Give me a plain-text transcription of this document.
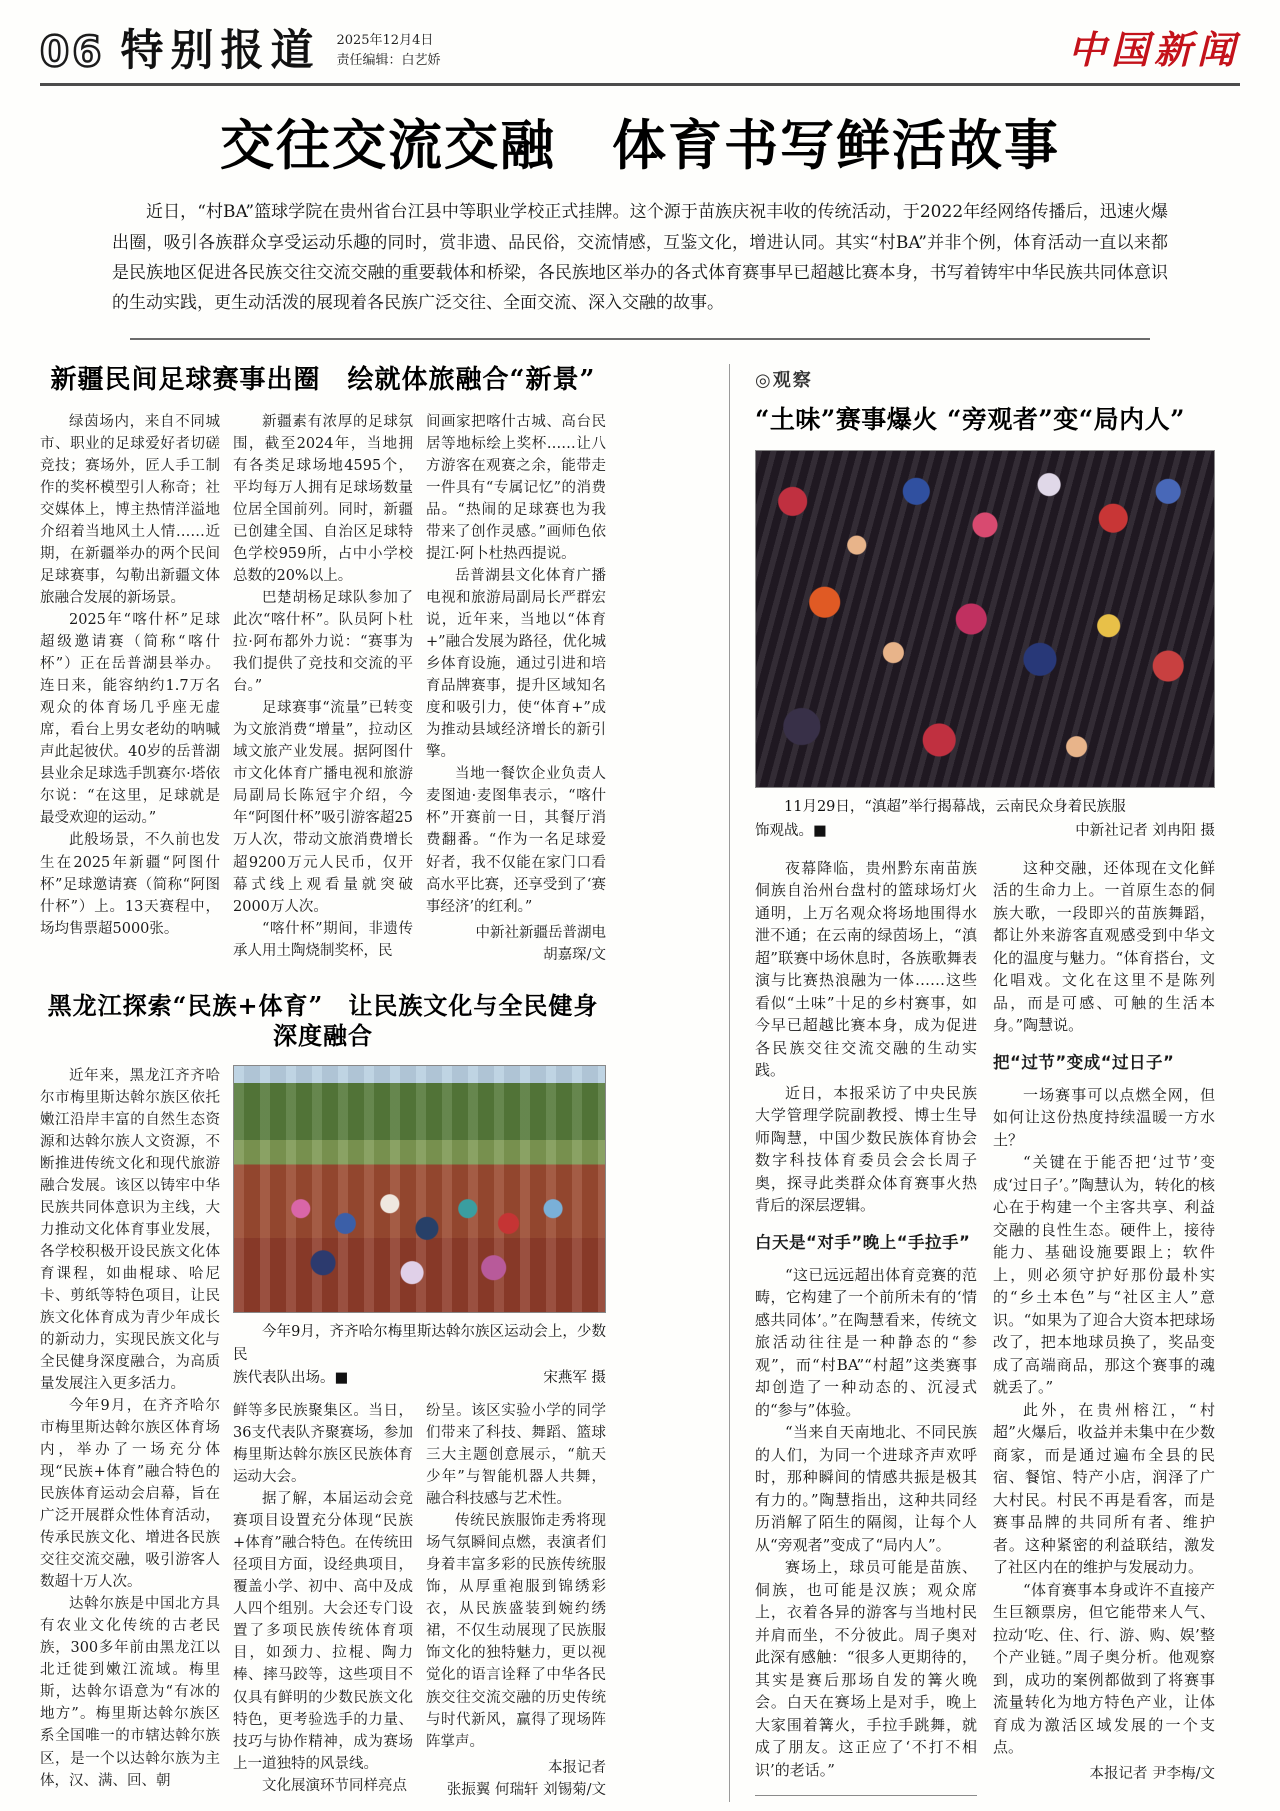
06 特别报道 2025年12月4日
责任编辑：白艺娇	中国新闻
交往交流交融　体育书写鲜活故事
近日，“村BA”篮球学院在贵州省台江县中等职业学校正式挂牌。这个源于苗族庆祝丰收的传统活动，于2022年经网络传播后，迅速火爆出圈，吸引各族群众享受运动乐趣的同时，赏非遗、品民俗，交流情感，互鉴文化，增进认同。其实“村BA”并非个例，体育活动一直以来都是民族地区促进各民族交往交流交融的重要载体和桥梁，各民族地区举办的各式体育赛事早已超越比赛本身，书写着铸牢中华民族共同体意识的生动实践，更生动活泼的展现着各民族广泛交往、全面交流、深入交融的故事。
新疆民间足球赛事出圈　绘就体旅融合“新景”

绿茵场内，来自不同城市、职业的足球爱好者切磋竞技；赛场外，匠人手工制作的奖杯模型引人称奇；社交媒体上，博主热情洋溢地介绍着当地风土人情……近期，在新疆举办的两个民间足球赛事，勾勒出新疆文体旅融合发展的新场景。

2025年“喀什杯”足球超级邀请赛（简称“喀什杯”）正在岳普湖县举办。连日来，能容纳约1.7万名观众的体育场几乎座无虚席，看台上男女老幼的呐喊声此起彼伏。40岁的岳普湖县业余足球选手凯赛尔·塔依尔说：“在这里，足球就是最受欢迎的运动。”

此般场景，不久前也发生在2025年新疆“阿图什杯”足球邀请赛（简称“阿图什杯”）上。13天赛程中，场均售票超5000张。

新疆素有浓厚的足球氛围，截至2024年，当地拥有各类足球场地4595个，平均每万人拥有足球场数量位居全国前列。同时，新疆已创建全国、自治区足球特色学校959所，占中小学校总数的20%以上。

巴楚胡杨足球队参加了此次“喀什杯”。队员阿卜杜拉·阿布都外力说：“赛事为我们提供了竞技和交流的平台。”

足球赛事“流量”已转变为文旅消费“增量”，拉动区域文旅产业发展。据阿图什市文化体育广播电视和旅游局副局长陈冠宇介绍，今年“阿图什杯”吸引游客超25万人次，带动文旅消费增长超9200万元人民币，仅开幕式线上观看量就突破2000万人次。

“喀什杯”期间，非遗传承人用土陶烧制奖杯，民

间画家把喀什古城、高台民居等地标绘上奖杯……让八方游客在观赛之余，能带走一件具有“专属记忆”的消费品。“热闹的足球赛也为我带来了创作灵感。”画师色依提江·阿卜杜热西提说。

岳普湖县文化体育广播电视和旅游局副局长严群宏说，近年来，当地以“体育+”融合发展为路径，优化城乡体育设施，通过引进和培育品牌赛事，提升区域知名度和吸引力，使“体育+”成为推动县域经济增长的新引擎。

当地一餐饮企业负责人麦图迪·麦图隼表示，“喀什杯”开赛前一日，其餐厅消费翻番。“作为一名足球爱好者，我不仅能在家门口看高水平比赛，还享受到了‘赛事经济’的红利。”

中新社新疆岳普湖电

胡嘉琛/文

黑龙江探索“民族+体育”　让民族文化与全民健身深度融合

近年来，黑龙江齐齐哈尔市梅里斯达斡尔族区依托嫩江沿岸丰富的自然生态资源和达斡尔族人文资源，不断推进传统文化和现代旅游融合发展。该区以铸牢中华民族共同体意识为主线，大力推动文化体育事业发展，各学校积极开设民族文化体育课程，如曲棍球、哈尼卡、剪纸等特色项目，让民族文化体育成为青少年成长的新动力，实现民族文化与全民健身深度融合，为高质量发展注入更多活力。

今年9月，在齐齐哈尔市梅里斯达斡尔族区体育场内，举办了一场充分体现“民族+体育”融合特色的民族体育运动会启幕，旨在广泛开展群众性体育活动，传承民族文化、增进各民族交往交流交融，吸引游客人数超十万人次。

达斡尔族是中国北方具有农业文化传统的古老民族，300多年前由黑龙江以北迁徙到嫩江流域。梅里斯，达斡尔语意为“有冰的地方”。梅里斯达斡尔族区系全国唯一的市辖达斡尔族区，是一个以达斡尔族为主体，汉、满、回、朝

今年9月，齐齐哈尔梅里斯达斡尔族区运动会上，少数民
族代表队出场。■	宋燕军 摄

鲜等多民族聚集区。当日，36支代表队齐聚赛场，参加梅里斯达斡尔族区民族体育运动大会。

据了解，本届运动会竞赛项目设置充分体现“民族+体育”融合特色。在传统田径项目方面，设经典项目，覆盖小学、初中、高中及成人四个组别。大会还专门设置了多项民族传统体育项目，如颈力、拉棍、陶力棒、摔马跤等，这些项目不仅具有鲜明的少数民族文化特色，更考验选手的力量、技巧与协作精神，成为赛场上一道独特的风景线。

文化展演环节同样亮点

纷呈。该区实验小学的同学们带来了科技、舞蹈、篮球三大主题创意展示，“航天少年”与智能机器人共舞，融合科技感与艺术性。

传统民族服饰走秀将现场气氛瞬间点燃，表演者们身着丰富多彩的民族传统服饰，从厚重袍服到锦绣彩衣，从民族盛装到婉约绣裙，不仅生动展现了民族服饰文化的独特魅力，更以视觉化的语言诠释了中华各民族交往交流交融的历史传统与时代新风，赢得了现场阵阵掌声。

本报记者

张振翼 何瑞轩 刘锡菊/文

◎观察
“土味”赛事爆火 “旁观者”变“局内人”
11月29日，“滇超”举行揭幕战，云南民众身着民族服
饰观战。■	中新社记者 刘冉阳 摄

夜幕降临，贵州黔东南苗族侗族自治州台盘村的篮球场灯火通明，上万名观众将场地围得水泄不通；在云南的绿茵场上，“滇超”联赛中场休息时，各族歌舞表演与比赛热浪融为一体……这些看似“土味”十足的乡村赛事，如今早已超越比赛本身，成为促进各民族交往交流交融的生动实践。

近日，本报采访了中央民族大学管理学院副教授、博士生导师陶慧，中国少数民族体育协会数字科技体育委员会会长周子奥，探寻此类群众体育赛事火热背后的深层逻辑。

白天是“对手”晚上“手拉手”

“这已远远超出体育竞赛的范畴，它构建了一个前所未有的‘情感共同体’。”在陶慧看来，传统文旅活动往往是一种静态的“参观”，而“村BA”“村超”这类赛事却创造了一种动态的、沉浸式的“参与”体验。

“当来自天南地北、不同民族的人们，为同一个进球齐声欢呼时，那种瞬间的情感共振是极其有力的。”陶慧指出，这种共同经历消解了陌生的隔阂，让每个人从“旁观者”变成了“局内人”。

赛场上，球员可能是苗族、侗族，也可能是汉族；观众席上，衣着各异的游客与当地村民并肩而坐，不分彼此。周子奥对此深有感触：“很多人更期待的，其实是赛后那场自发的篝火晚会。白天在赛场上是对手，晚上大家围着篝火，手拉手跳舞，就成了朋友。这正应了‘不打不相识’的老话。”

这种交融，还体现在文化鲜活的生命力上。一首原生态的侗族大歌，一段即兴的苗族舞蹈，都让外来游客直观感受到中华文化的温度与魅力。“体育搭台，文化唱戏。文化在这里不是陈列品，而是可感、可触的生活本身。”陶慧说。

把“过节”变成“过日子”

一场赛事可以点燃全网，但如何让这份热度持续温暖一方水土？

“关键在于能否把‘过节’变成‘过日子’。”陶慧认为，转化的核心在于构建一个主客共享、利益交融的良性生态。硬件上，接待能力、基础设施要跟上；软件上，则必须守护好那份最朴实的“乡土本色”与“社区主人”意识。“如果为了迎合大资本把球场改了，把本地球员换了，奖品变成了高端商品，那这个赛事的魂就丢了。”

此外，在贵州榕江，“村超”火爆后，收益并未集中在少数商家，而是通过遍布全县的民宿、餐馆、特产小店，润泽了广大村民。村民不再是看客，而是赛事品牌的共同所有者、维护者。这种紧密的利益联结，激发了社区内在的维护与发展动力。

“体育赛事本身或许不直接产生巨额票房，但它能带来人气、拉动‘吃、住、行、游、购、娱’整个产业链。”周子奥分析。他观察到，成功的案例都做到了将赛事流量转化为地方特色产业，让体育成为激活区域发展的一个支点。

本报记者 尹李梅/文
